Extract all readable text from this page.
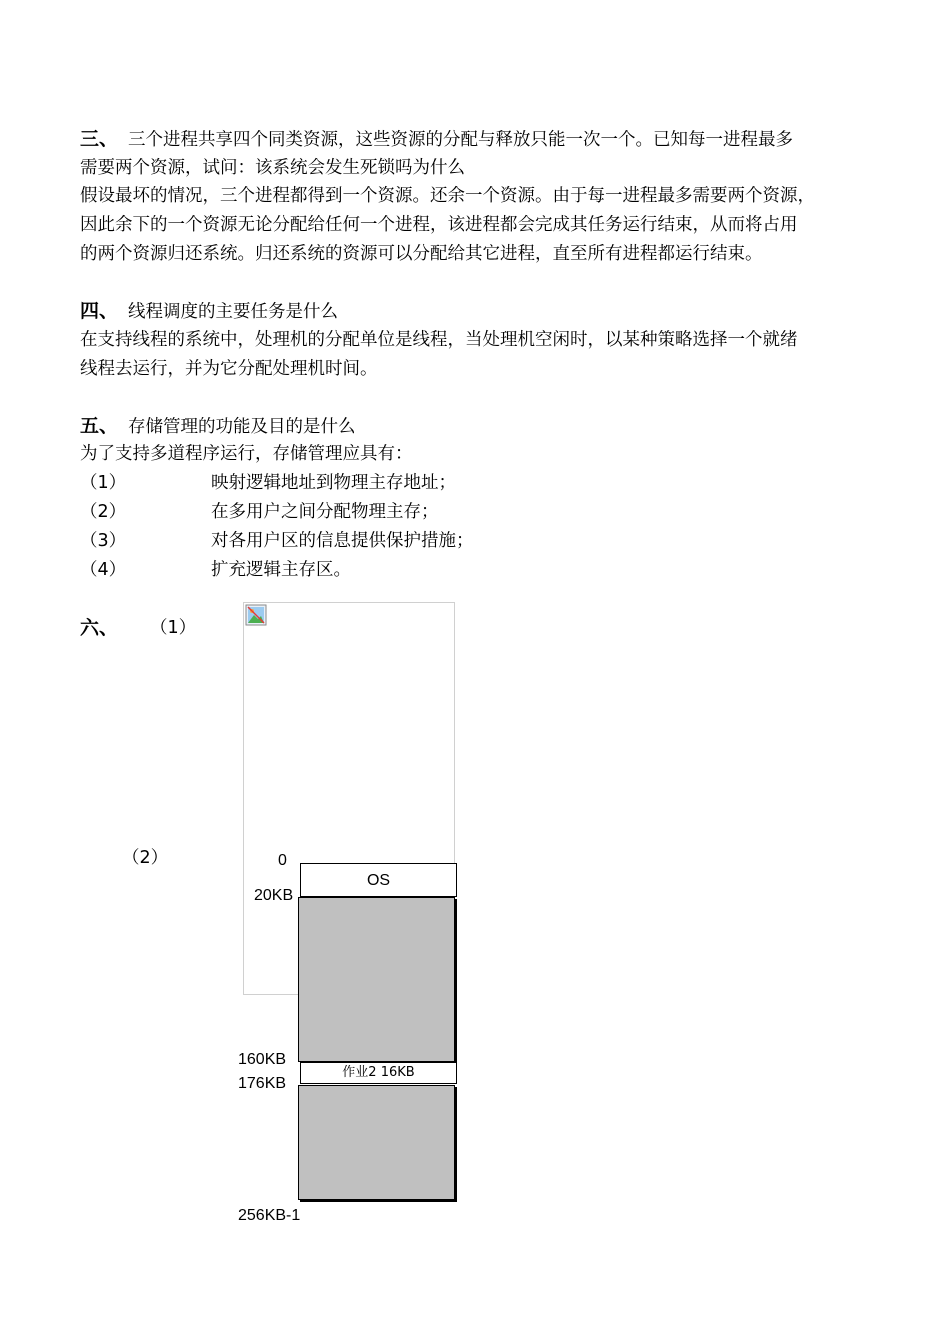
三、 三个进程共享四个同类资源，这些资源的分配与释放只能一次一个。已知每一进程最多
需要两个资源，试问：该系统会发生死锁吗为什么
假设最坏的情况，三个进程都得到一个资源。还余一个资源。由于每一进程最多需要两个资源，
因此余下的一个资源无论分配给任何一个进程，该进程都会完成其任务运行结束，从而将占用
的两个资源归还系统。归还系统的资源可以分配给其它进程，直至所有进程都运行结束。
四、 线程调度的主要任务是什么
在支持线程的系统中，处理机的分配单位是线程，当处理机空闲时，以某种策略选择一个就绪
线程去运行，并为它分配处理机时间。
五、 存储管理的功能及目的是什么
为了支持多道程序运行，存储管理应具有：
（1）	映射逻辑地址到物理主存地址；
（2）	在多用户之间分配物理主存；
（3）	对各用户区的信息提供保护措施；
（4）	扩充逻辑主存区。
六、 （1）
（2）	0
OS
20KB
160KB
作业2 16KB
176KB
256KB-1
